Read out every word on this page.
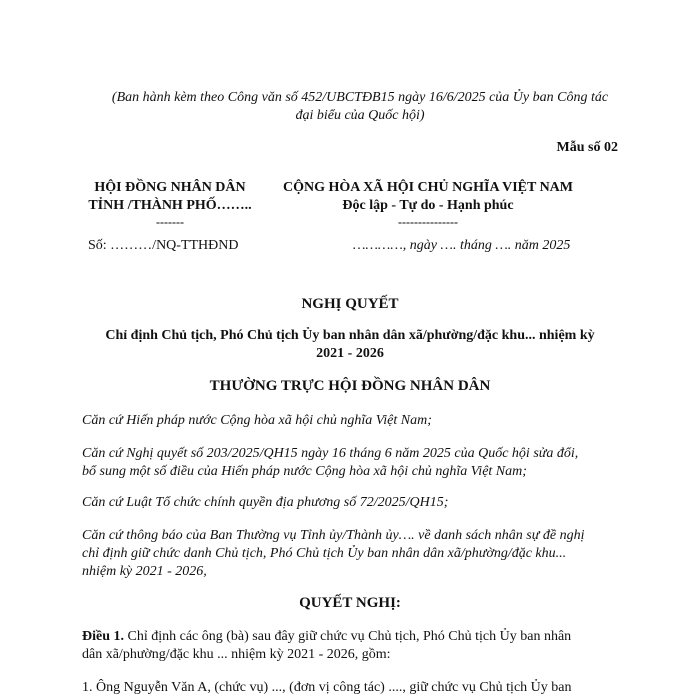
(Ban hành kèm theo Công văn số 452/UBCTĐB15 ngày 16/6/2025 của Ủy ban Công tác
đại biểu của Quốc hội)
Mẫu số 02
HỘI ĐỒNG NHÂN DÂN
TỈNH /THÀNH PHỐ……..
-------
CỘNG HÒA XÃ HỘI CHỦ NGHĨA VIỆT NAM
Độc lập - Tự do - Hạnh phúc
---------------
Số: ………/NQ-TTHĐND	…………, ngày …. tháng …. năm 2025
NGHỊ QUYẾT
Chỉ định Chủ tịch, Phó Chủ tịch Ủy ban nhân dân xã/phường/đặc khu... nhiệm kỳ
2021 - 2026
THƯỜNG TRỰC HỘI ĐỒNG NHÂN DÂN
Căn cứ Hiến pháp nước Cộng hòa xã hội chủ nghĩa Việt Nam;
Căn cứ Nghị quyết số 203/2025/QH15 ngày 16 tháng 6 năm 2025 của Quốc hội sửa đổi,
bổ sung một số điều của Hiến pháp nước Cộng hòa xã hội chủ nghĩa Việt Nam;
Căn cứ Luật Tổ chức chính quyền địa phương số 72/2025/QH15;
Căn cứ thông báo của Ban Thường vụ Tỉnh ủy/Thành ủy…. về danh sách nhân sự đề nghị
chỉ định giữ chức danh Chủ tịch, Phó Chủ tịch Ủy ban nhân dân xã/phường/đặc khu...
nhiệm kỳ 2021 - 2026,
QUYẾT NGHỊ:
Điều 1. Chỉ định các ông (bà) sau đây giữ chức vụ Chủ tịch, Phó Chủ tịch Ủy ban nhân
dân xã/phường/đặc khu ... nhiệm kỳ 2021 - 2026, gồm:
1. Ông Nguyễn Văn A, (chức vụ) ..., (đơn vị công tác) ...., giữ chức vụ Chủ tịch Ủy ban
